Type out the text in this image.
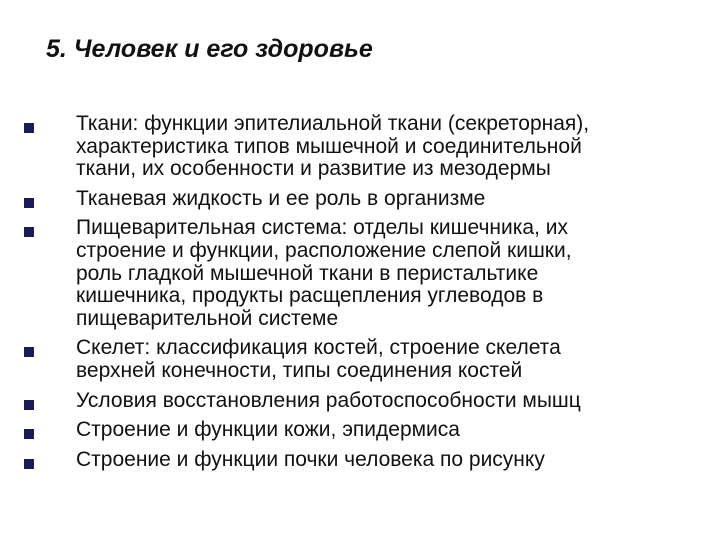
5. Человек и его здоровье
Ткани: функции эпителиальной ткани (секреторная),
характеристика типов мышечной и соединительной
ткани, их особенности и развитие из мезодермы
Тканевая жидкость и ее роль в организме
Пищеварительная система: отделы кишечника, их
строение и функции, расположение слепой кишки,
роль гладкой мышечной ткани в перистальтике
кишечника, продукты расщепления углеводов в
пищеварительной системе
Скелет: классификация костей, строение скелета
верхней конечности, типы соединения костей
Условия восстановления работоспособности мышц
Строение и функции кожи, эпидермиса
Строение и функции почки человека по рисунку
